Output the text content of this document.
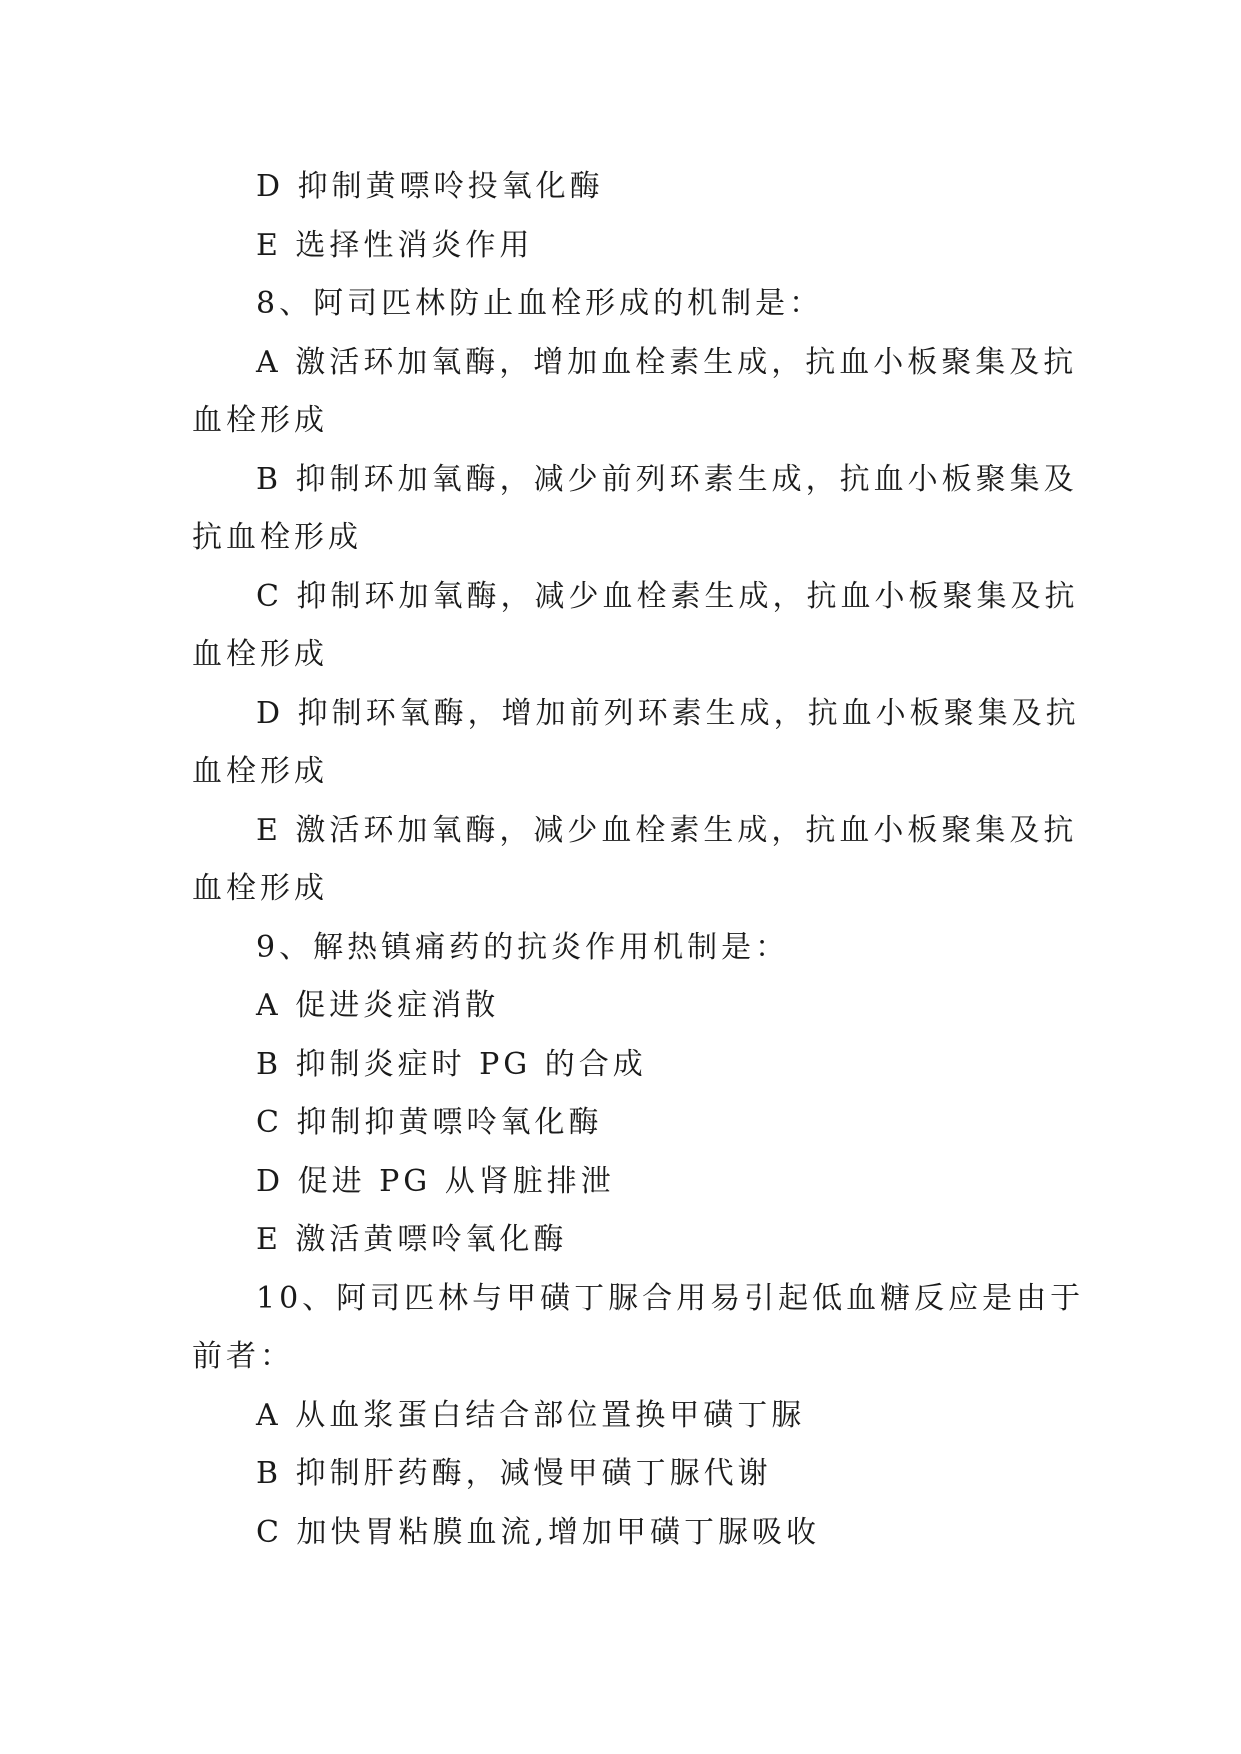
D 抑制黄嘌呤投氧化酶
E 选择性消炎作用
8、阿司匹林防止血栓形成的机制是：
A 激活环加氧酶，增加血栓素生成，抗血小板聚集及抗
血栓形成
B 抑制环加氧酶，减少前列环素生成，抗血小板聚集及
抗血栓形成
C 抑制环加氧酶，减少血栓素生成，抗血小板聚集及抗
血栓形成
D 抑制环氧酶，增加前列环素生成，抗血小板聚集及抗
血栓形成
E 激活环加氧酶，减少血栓素生成，抗血小板聚集及抗
血栓形成
9、解热镇痛药的抗炎作用机制是：
A 促进炎症消散
B 抑制炎症时 PG 的合成
C 抑制抑黄嘌呤氧化酶
D 促进 PG 从肾脏排泄
E 激活黄嘌呤氧化酶
10、阿司匹林与甲磺丁脲合用易引起低血糖反应是由于
前者：
A 从血浆蛋白结合部位置换甲磺丁脲
B 抑制肝药酶，减慢甲磺丁脲代谢
C 加快胃粘膜血流,增加甲磺丁脲吸收
